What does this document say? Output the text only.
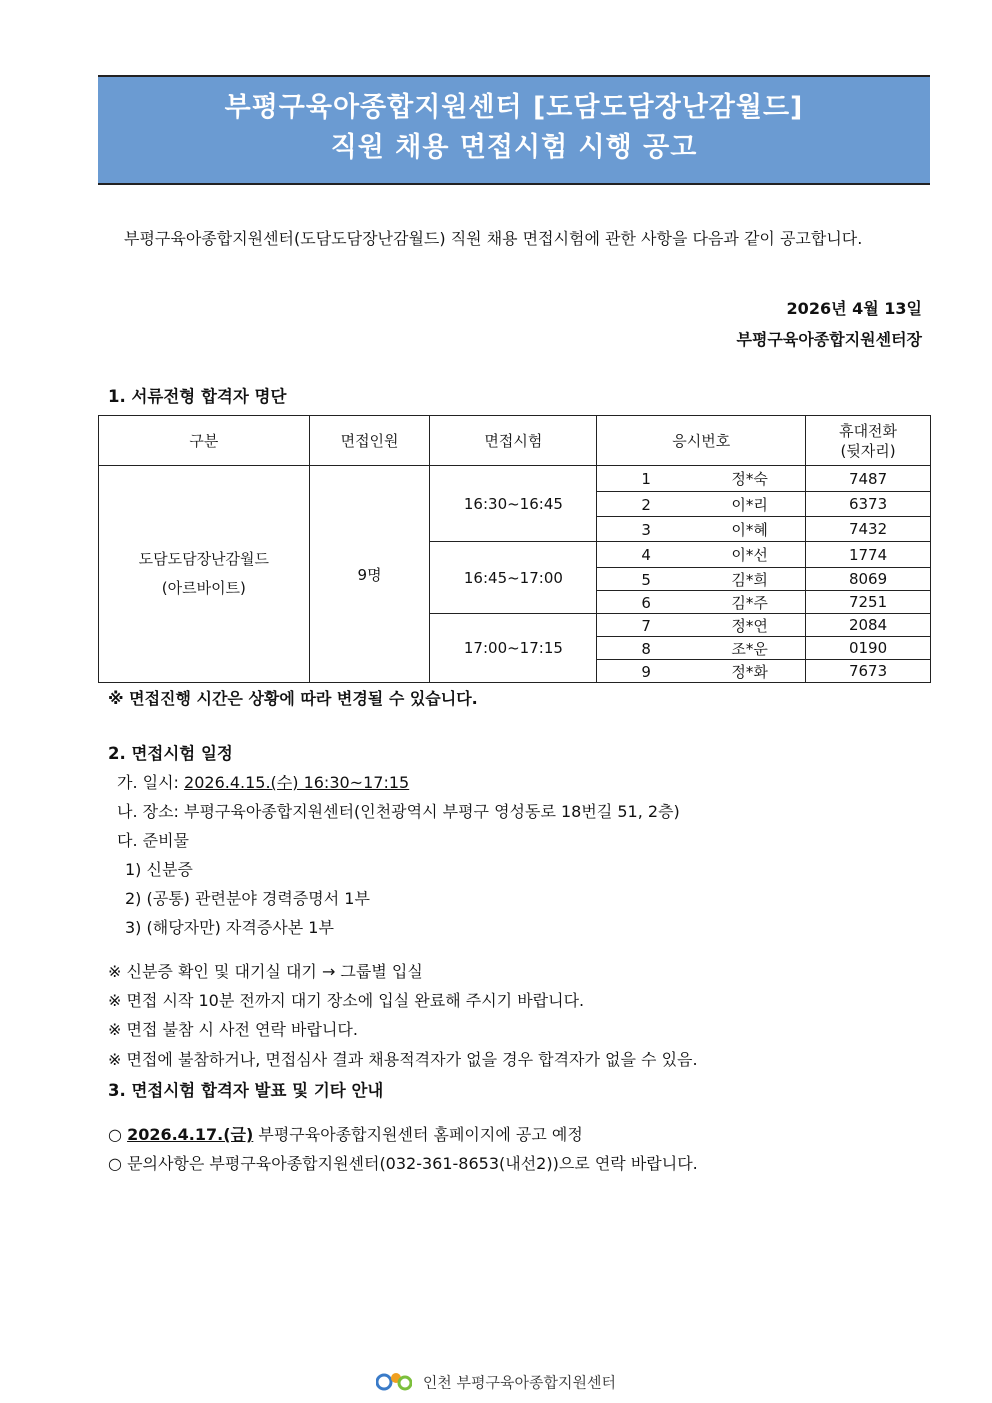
부평구육아종합지원센터 [도담도담장난감월드]
직원 채용 면접시험 시행 공고
부평구육아종합지원센터(도담도담장난감월드) 직원 채용 면접시험에 관한 사항을 다음과 같이 공고합니다.
2026년 4월 13일
부평구육아종합지원센터장
1. 서류전형 합격자 명단
구분	면접인원	면접시험	응시번호	휴대전화
(뒷자리)

도담도담장난감월드
(아르바이트)	9명	16:30~16:45	1 정*숙	7487
			2 이*리	6373
			3 이*혜	7432
		16:45~17:00	4 이*선	1774
			5 김*희	8069
			6 김*주	7251
		17:00~17:15	7 정*연	2084
			8 조*운	0190
			9 정*화	7673
※ 면접진행 시간은 상황에 따라 변경될 수 있습니다.
2. 면접시험 일정
가. 일시: 2026.4.15.(수) 16:30~17:15
나. 장소: 부평구육아종합지원센터(인천광역시 부평구 영성동로 18번길 51, 2층)
다. 준비물
1) 신분증
2) (공통) 관련분야 경력증명서 1부
3) (해당자만) 자격증사본 1부
※ 신분증 확인 및 대기실 대기 → 그룹별 입실
※ 면접 시작 10분 전까지 대기 장소에 입실 완료해 주시기 바랍니다.
※ 면접 불참 시 사전 연락 바랍니다.
※ 면접에 불참하거나, 면접심사 결과 채용적격자가 없을 경우 합격자가 없을 수 있음.
3. 면접시험 합격자 발표 및 기타 안내
○ 2026.4.17.(금) 부평구육아종합지원센터 홈페이지에 공고 예정
○ 문의사항은 부평구육아종합지원센터(032-361-8653(내선2))으로 연락 바랍니다.
인천 부평구육아종합지원센터
